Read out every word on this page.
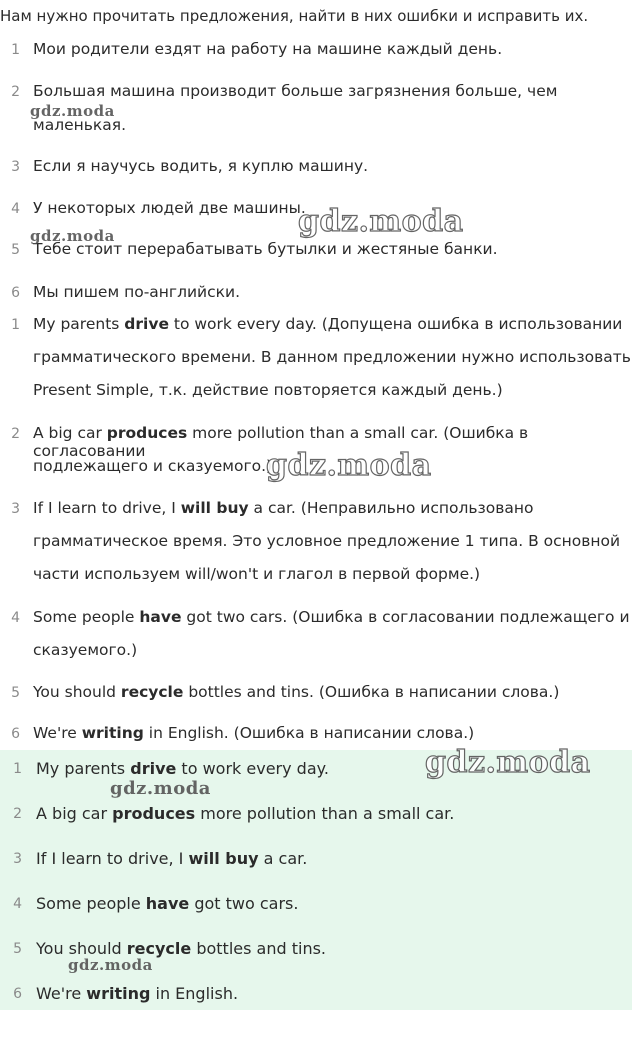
Нам нужно прочитать предложения, найти в них ошибки и исправить их.
1 Мои родители ездят на работу на машине каждый день.
2 Большая машина производит больше загрязнения больше, чем
маленькая.
3 Если я научусь водить, я куплю машину.
4 У некоторых людей две машины.
5 Тебе стоит перерабатывать бутылки и жестяные банки.
6 Мы пишем по-английски.
1 My parents drive to work every day. (Допущена ошибка в использовании
грамматического времени. В данном предложении нужно использовать
Present Simple, т.к. действие повторяется каждый день.)
2 A big car produces more pollution than a small car. (Ошибка в согласовании
подлежащего и сказуемого.)
3 If I learn to drive, I will buy a car. (Неправильно использовано
грамматическое время. Это условное предложение 1 типа. В основной
части используем will/won't и глагол в первой форме.)
4 Some people have got two cars. (Ошибка в согласовании подлежащего и
сказуемого.)
5 You should recycle bottles and tins. (Ошибка в написании слова.)
6 We're writing in English. (Ошибка в написании слова.)
1 My parents drive to work every day.
2 A big car produces more pollution than a small car.
3 If I learn to drive, I will buy a car.
4 Some people have got two cars.
5 You should recycle bottles and tins.
6 We're writing in English.
gdz.moda
gdz.moda
gdz.moda
gdz.moda
gdz.moda
gdz.moda
gdz.moda
